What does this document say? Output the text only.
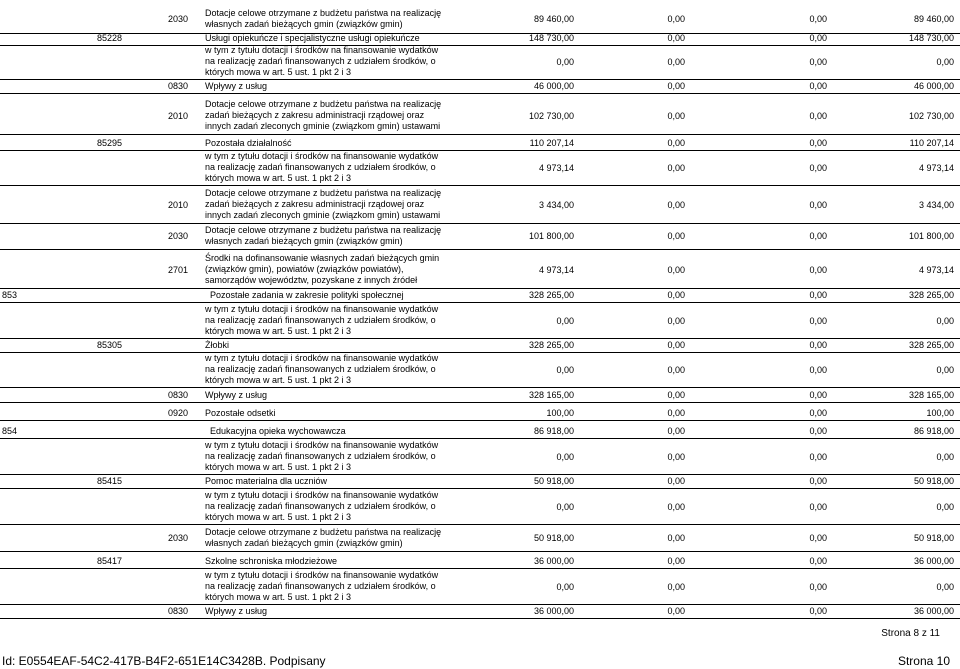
2030
Dotacje celowe otrzymane z budżetu państwa na realizację
własnych zadań bieżących gmin (związków gmin)	89 460,00	0,00	0,00	89 460,00
85228	Usługi opiekuńcze i specjalistyczne usługi opiekuńcze	148 730,00	0,00	0,00	148 730,00
w tym z tytułu dotacji i środków na finansowanie wydatków
na realizację zadań finansowanych z udziałem środków, o
których mowa w art. 5 ust. 1 pkt 2 i 3
0,00	0,00	0,00	0,00
0830 Wpływy z usług	46 000,00	0,00	0,00	46 000,00
2010
Dotacje celowe otrzymane z budżetu państwa na realizację
zadań bieżących z zakresu administracji rządowej oraz
innych zadań zleconych gminie (związkom gmin) ustawami
102 730,00	0,00	0,00	102 730,00
85295	Pozostała działalność	110 207,14	0,00	0,00	110 207,14
w tym z tytułu dotacji i środków na finansowanie wydatków
na realizację zadań finansowanych z udziałem środków, o
których mowa w art. 5 ust. 1 pkt 2 i 3
4 973,14	0,00	0,00	4 973,14
2010
Dotacje celowe otrzymane z budżetu państwa na realizację
zadań bieżących z zakresu administracji rządowej oraz
innych zadań zleconych gminie (związkom gmin) ustawami
3 434,00	0,00	0,00	3 434,00
2030
Dotacje celowe otrzymane z budżetu państwa na realizację
własnych zadań bieżących gmin (związków gmin)	101 800,00	0,00	0,00	101 800,00
2701
Środki na dofinansowanie własnych zadań bieżących gmin
(związków gmin), powiatów (związków powiatów),
samorządów województw, pozyskane z innych źródeł
4 973,14	0,00	0,00	4 973,14
853	Pozostałe zadania w zakresie polityki społecznej	328 265,00	0,00	0,00	328 265,00
w tym z tytułu dotacji i środków na finansowanie wydatków
na realizację zadań finansowanych z udziałem środków, o
których mowa w art. 5 ust. 1 pkt 2 i 3
0,00	0,00	0,00	0,00
85305	Żłobki	328 265,00	0,00	0,00	328 265,00
w tym z tytułu dotacji i środków na finansowanie wydatków
na realizację zadań finansowanych z udziałem środków, o
których mowa w art. 5 ust. 1 pkt 2 i 3
0,00	0,00	0,00	0,00
0830 Wpływy z usług	328 165,00	0,00	0,00	328 165,00
0920 Pozostałe odsetki	100,00	0,00	0,00	100,00
854	Edukacyjna opieka wychowawcza	86 918,00	0,00	0,00	86 918,00
w tym z tytułu dotacji i środków na finansowanie wydatków
na realizację zadań finansowanych z udziałem środków, o
których mowa w art. 5 ust. 1 pkt 2 i 3
0,00	0,00	0,00	0,00
85415	Pomoc materialna dla uczniów	50 918,00	0,00	0,00	50 918,00
w tym z tytułu dotacji i środków na finansowanie wydatków
na realizację zadań finansowanych z udziałem środków, o
których mowa w art. 5 ust. 1 pkt 2 i 3
0,00	0,00	0,00	0,00
2030
Dotacje celowe otrzymane z budżetu państwa na realizację
własnych zadań bieżących gmin (związków gmin)	50 918,00	0,00	0,00	50 918,00
85417	Szkolne schroniska młodzieżowe	36 000,00	0,00	0,00	36 000,00
w tym z tytułu dotacji i środków na finansowanie wydatków
na realizację zadań finansowanych z udziałem środków, o
których mowa w art. 5 ust. 1 pkt 2 i 3
0,00	0,00	0,00	0,00
0830 Wpływy z usług	36 000,00	0,00	0,00	36 000,00
Strona 8 z 11
Id: E0554EAF-54C2-417B-B4F2-651E14C3428B. Podpisany	Strona 10
